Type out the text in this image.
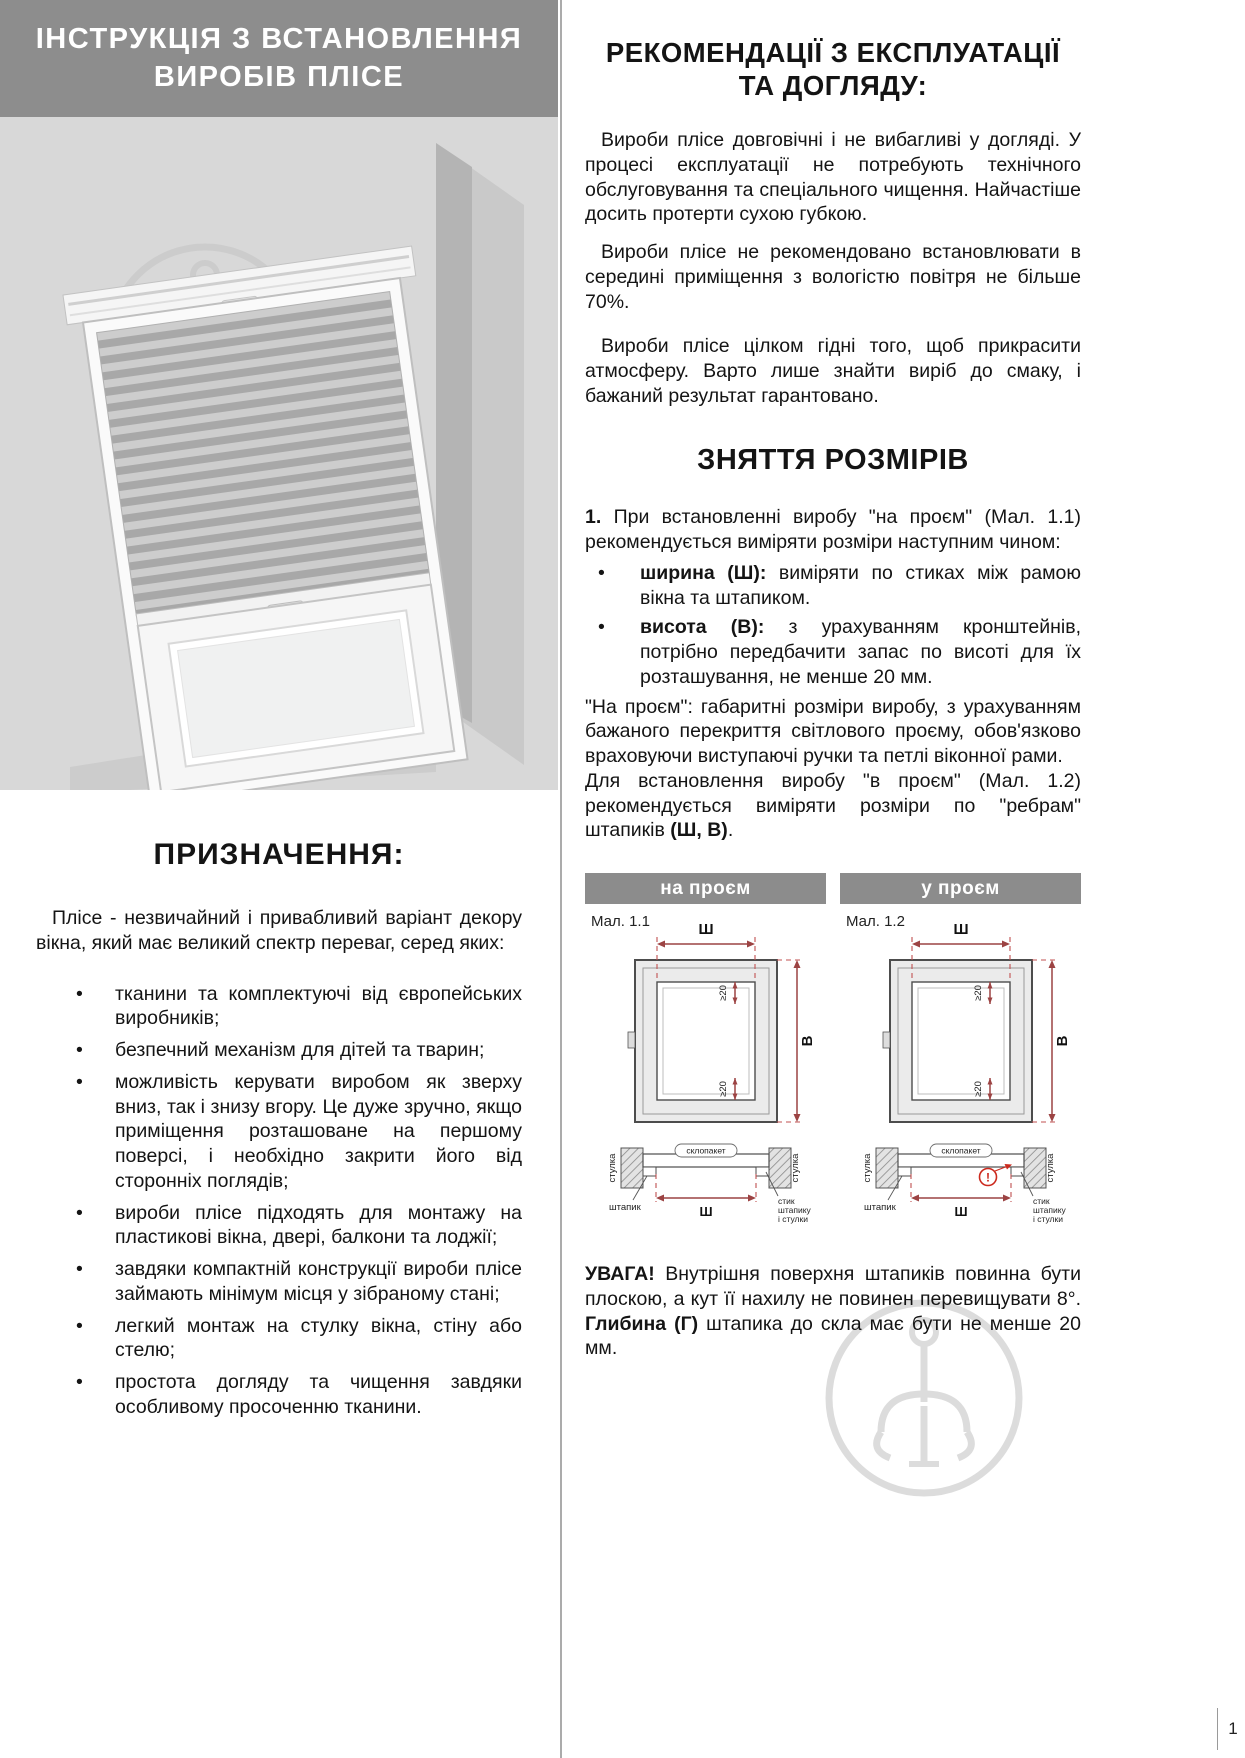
ІНСТРУКЦІЯ З ВСТАНОВЛЕННЯ
ВИРОБІВ ПЛІСЕ
ПРИЗНАЧЕННЯ:

Плісе - незвичайний і привабливий варіант декору вікна, який має великий спектр переваг, серед яких:

• тканини та комплектуючі від європейських виробників;
• безпечний механізм для дітей та тварин;
• можливість керувати виробом як зверху вниз, так і знизу вгору. Це дуже зручно, якщо приміщення розташоване на першому поверсі, і необхідно закрити його від сторонніх поглядів;
• вироби плісе підходять для монтажу на пластикові вікна, двері, балкони та лоджії;
• завдяки компактній конструкції вироби плісе займають мінімум місця у зібраному стані;
• легкий монтаж на стулку вікна, стіну або стелю;
• простота догляду та чищення завдяки особливому просоченню тканини.
РЕКОМЕНДАЦІЇ З ЕКСПЛУАТАЦІЇ
ТА ДОГЛЯДУ:

Вироби плісе довговічні і не вибагливі у догляді. У процесі експлуатації не потребують технічного обслуговування та спеціального чищення. Найчастіше досить протерти сухою губкою.

Вироби плісе не рекомендовано встановлювати в середині приміщення з вологістю повітря не більше 70%.

Вироби плісе цілком гідні того, щоб прикрасити атмосферу. Варто лише знайти виріб до смаку, і бажаний результат гарантовано.

ЗНЯТТЯ РОЗМІРІВ

1. При встановленні виробу "на проєм" (Мал. 1.1) рекомендується виміряти розміри наступним чином:

• ширина (Ш): виміряти по стиках між рамою вікна та штапиком.
• висота (В): з урахуванням кронштейнів, потрібно передбачити запас по висоті для їх розташування, не менше 20 мм.

"На проєм": габаритні розміри виробу, з урахуванням бажаного перекриття світлового проєму, обов'язково враховуючи виступаючі ручки та петлі віконної рами.

Для встановлення виробу "в проєм" (Мал. 1.2) рекомендується виміряти розміри по "ребрам" штапиків (Ш, В).

на проєм
Мал. 1.1	Ш
В
≥20
≥20
стулка	стулка
склопакет
штапик	Ш
стик
штапику
і стулки
у проєм
Мал. 1.2	Ш
В
≥20
≥20
стулка	стулка
склопакет
!
штапик	Ш
стик
штапику
і стулки

УВАГА! Внутрішня поверхня штапиків повинна бути плоскою, а кут її нахилу не повинен перевищувати 8°. Глибина (Г) штапика до скла має бути не менше 20 мм.

1
